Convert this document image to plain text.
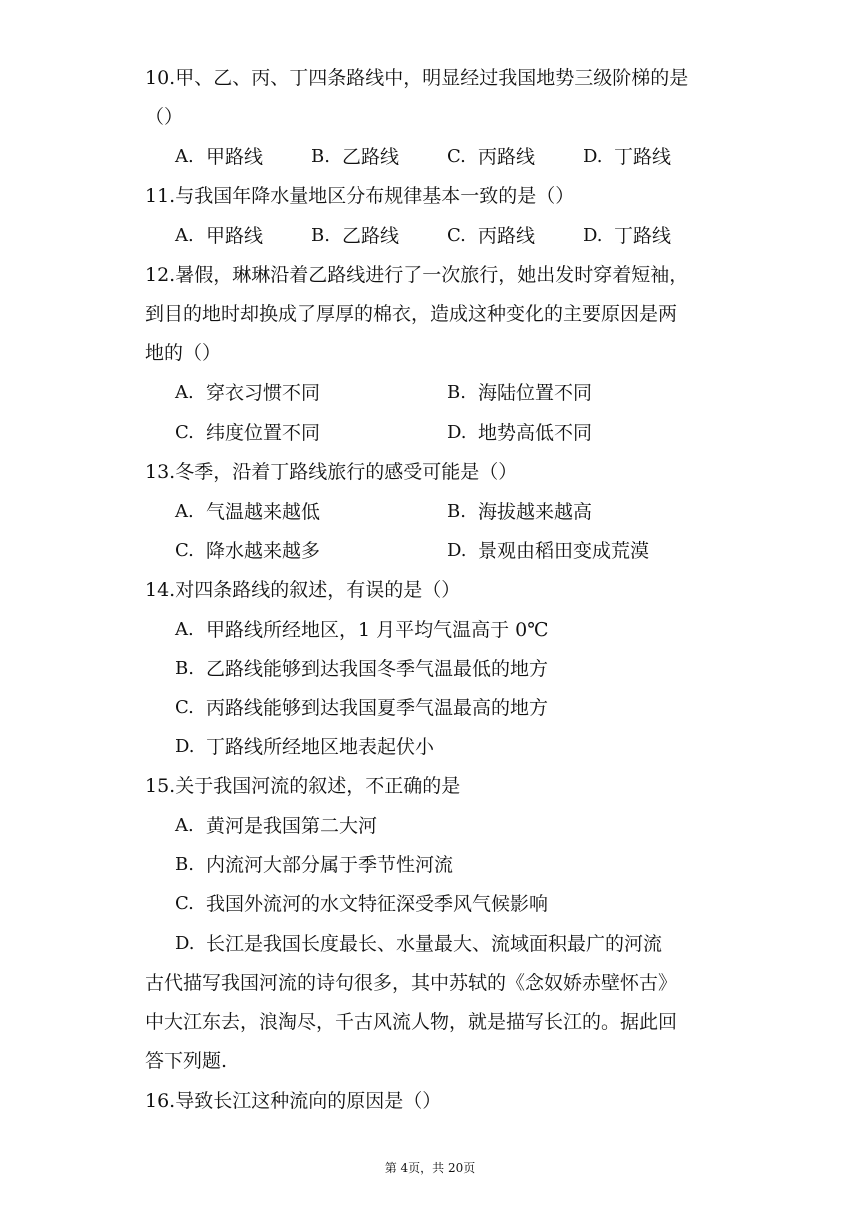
10.甲、乙、丙、丁四条路线中，明显经过我国地势三级阶梯的是
（）
A. 甲路线	B. 乙路线	C. 丙路线	D. 丁路线
11.与我国年降水量地区分布规律基本一致的是（）
A. 甲路线	B. 乙路线	C. 丙路线	D. 丁路线
12.暑假，琳琳沿着乙路线进行了一次旅行，她出发时穿着短袖，
到目的地时却换成了厚厚的棉衣，造成这种变化的主要原因是两
地的（）
A. 穿衣习惯不同	B. 海陆位置不同
C. 纬度位置不同	D. 地势高低不同
13.冬季，沿着丁路线旅行的感受可能是（）
A. 气温越来越低	B. 海拔越来越高
C. 降水越来越多	D. 景观由稻田变成荒漠
14.对四条路线的叙述，有误的是（）
A. 甲路线所经地区，1 月平均气温高于 0℃
B. 乙路线能够到达我国冬季气温最低的地方
C. 丙路线能够到达我国夏季气温最高的地方
D. 丁路线所经地区地表起伏小
15.关于我国河流的叙述，不正确的是
A. 黄河是我国第二大河
B. 内流河大部分属于季节性河流
C. 我国外流河的水文特征深受季风气候影响
D. 长江是我国长度最长、水量最大、流域面积最广的河流
古代描写我国河流的诗句很多，其中苏轼的《念奴娇赤壁怀古》
中大江东去，浪淘尽，千古风流人物，就是描写长江的。据此回
答下列题.
16.导致长江这种流向的原因是（）
第 4页，共 20页
